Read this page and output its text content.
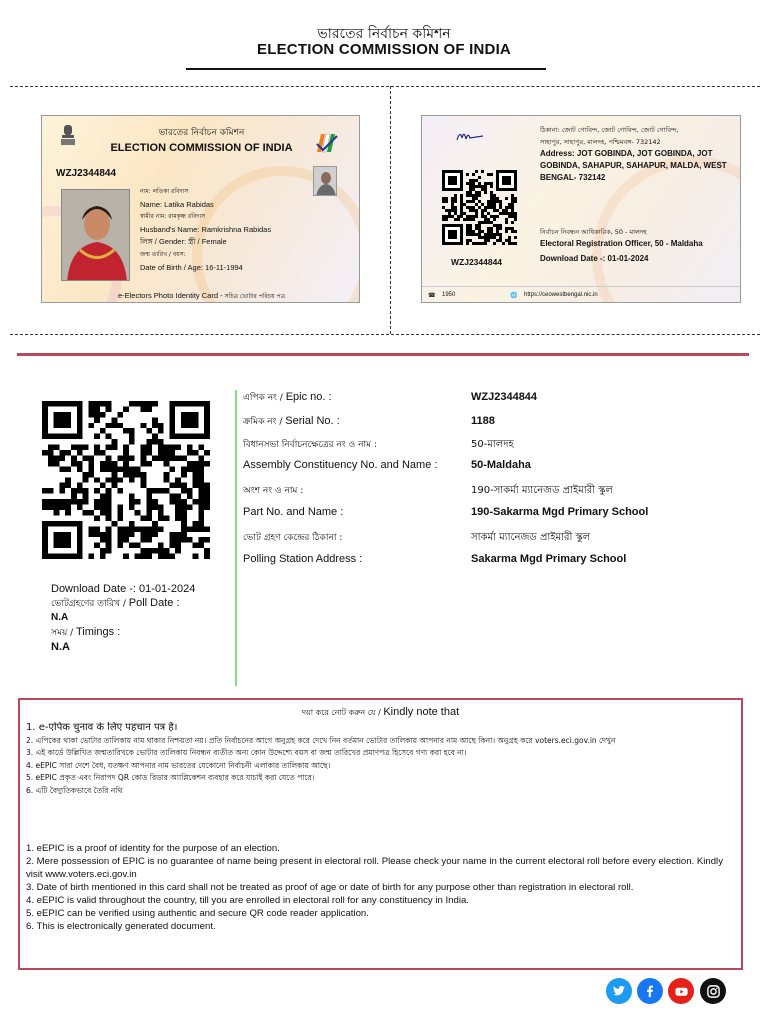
ভারতের নির্বাচন কমিশন
ELECTION COMMISSION OF INDIA
ভারতের নির্বাচন কমিশন
ELECTION COMMISSION OF INDIA
WZJ2344844
নাম: লতিকা রবিদাস
Name: Latika Rabidas
স্বামীর নাম: রামকৃষ্ণ রবিদাস
Husband's Name: Ramkrishna Rabidas
লিঙ্গ / Gender: স্ত্রী / Female
জন্ম তারিখ / বয়স:
Date of Birth / Age: 16-11-1994
e-Electors Photo Identity Card - সচিত্র ভোটার পরিচয় পত্র
ঠিকানা: জোট গোবিন্দ, জোট গোবিন্দ, জোট গোবিন্দ,
সাহাপুর, সাহাপুর, মালদহ, পশ্চিমবঙ্গ- 732142
Address: JOT GOBINDA, JOT GOBINDA, JOT GOBINDA, SAHAPUR, SAHAPUR, MALDA, WEST BENGAL- 732142
WZJ2344844
নির্বাচন নিবন্ধন আধিকারিক, 50 - মালদহ
Electoral Registration Officer, 50 - Maldaha
Download Date -: 01-01-2024
☎ 1950	🌐 https://ceowestbengal.nic.in
Download Date -: 01-01-2024
ভোটগ্রহণের তারিখ / Poll Date :
N.A
সময় / Timings :
N.A
এপিক নং / Epic no. :	WZJ2344844
ক্রমিক নং / Serial No. :	1188
বিধানসভা নির্বাচনক্ষেত্রের নং ও নাম :	50-মালদহ
Assembly Constituency No. and Name :	50-Maldaha
অংশ নং ও নাম :	190-সাকর্মা ম্যানেজড প্রাইমারী স্কুল
Part No. and Name :	190-Sakarma Mgd Primary School
ভোট গ্রহণ কেন্দ্রের ঠিকানা :	সাকর্মা ম্যানেজড প্রাইমারী স্কুল
Polling Station Address :	Sakarma Mgd Primary School
দয়া করে নোট করুন যে / Kindly note that
1. e-एपिक चुनाव के लिए पहचान पत्र है।
2. এপিকের থাকা ভোটার তালিকায় নাম থাকার নিশ্চয়তা নয়। প্রতি নির্বাচনের আগে অনুগ্রহ করে দেখে নিন বর্তমান ভোটার তালিকায় আপনার নাম আছে কিনা। অনুগ্রহ করে voters.eci.gov.in দেখুন
3. এই কার্ডে উল্লিখিত জন্মতারিখকে ভোটার তালিকায় নিবন্ধন ব্যতীত অন্য কোন উদ্দেশ্যে বয়স বা জন্ম তারিখের প্রমাণপত্র হিসেবে গণ্য করা হবে না।
4. eEPIC সারা দেশে বৈধ, যতক্ষণ আপনার নাম ভারতের যেকোনো নির্বাচনী এলাকার তালিকায় আছে।
5. eEPIC প্রকৃত এবং নিরাপদ QR কোড রিডার অ্যাপ্লিকেশন ব্যবহার করে যাচাই করা যেতে পারে।
6. এটি বৈদ্যুতিকভাবে তৈরি নথি
1. eEPIC is a proof of identity for the purpose of an election.
2. Mere possession of EPIC is no guarantee of name being present in electoral roll. Please check your name in the current electoral roll before every election. Kindly visit www.voters.eci.gov.in
3. Date of birth mentioned in this card shall not be treated as proof of age or date of birth for any purpose other than registration in electoral roll.
4. eEPIC is valid throughout the country, till you are enrolled in electoral roll for any constituency in India.
5. eEPIC can be verified using authentic and secure QR code reader application.
6. This is electronically generated document.
